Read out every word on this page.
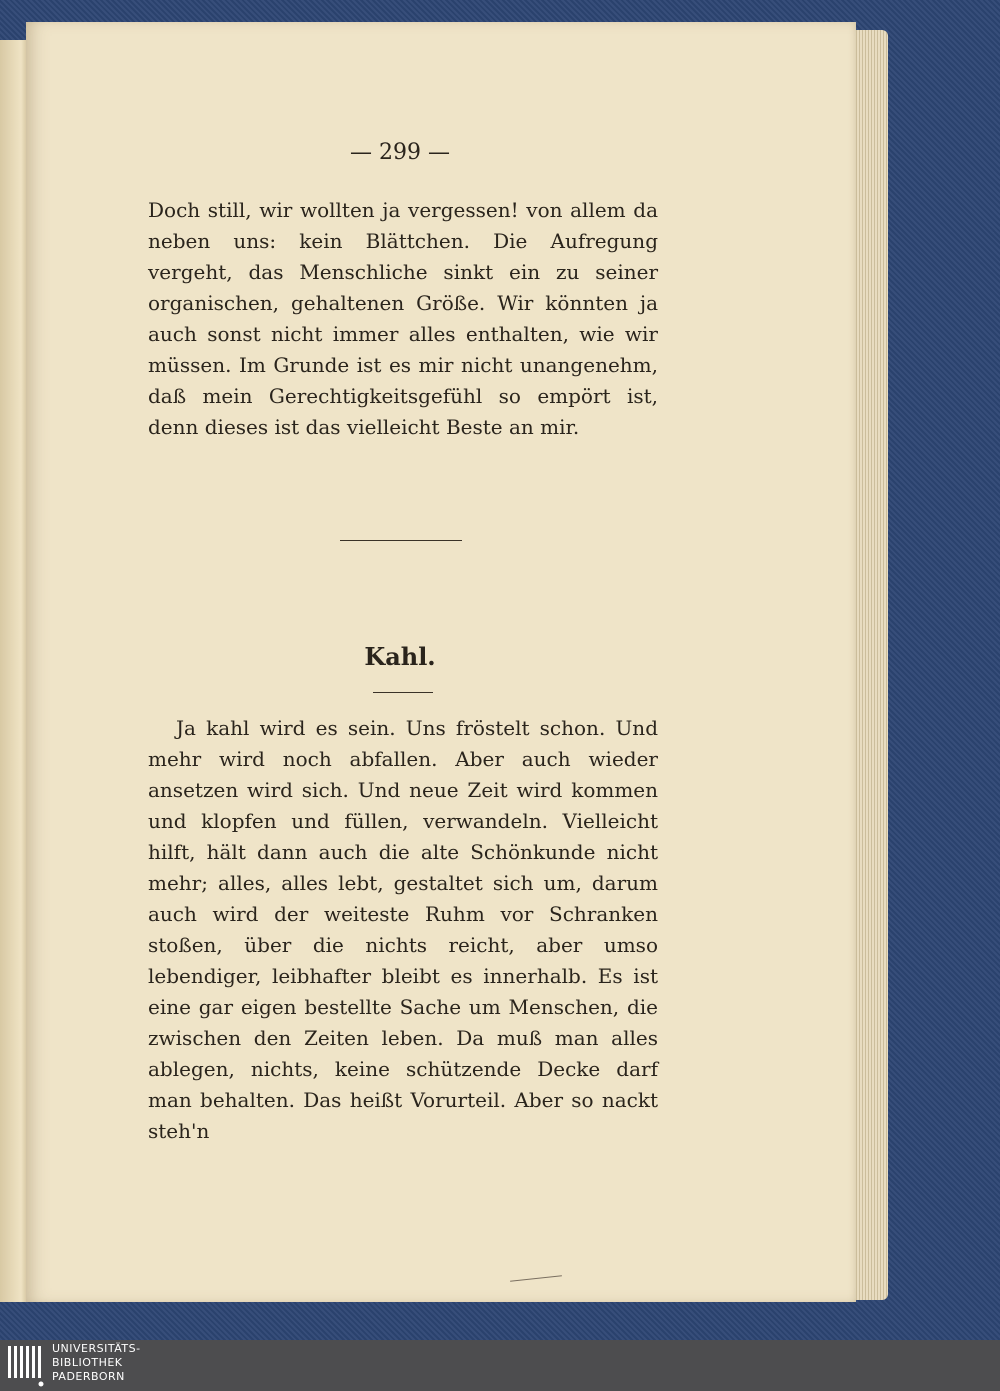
— 299 —

Doch still, wir wollten ja vergessen! von allem da neben uns: kein Blättchen. Die Aufregung vergeht, das Menschliche sinkt ein zu seiner organischen, gehaltenen Größe. Wir könnten ja auch sonst nicht immer alles enthalten, wie wir müssen. Im Grunde ist es mir nicht unangenehm, daß mein Gerechtigkeitsgefühl so empört ist, denn dieses ist das vielleicht Beste an mir.

Kahl.

Ja kahl wird es sein. Uns fröstelt schon. Und mehr wird noch abfallen. Aber auch wieder ansetzen wird sich. Und neue Zeit wird kommen und klopfen und füllen, verwandeln. Vielleicht hilft, hält dann auch die alte Schönkunde nicht mehr; alles, alles lebt, gestaltet sich um, darum auch wird der weiteste Ruhm vor Schranken stoßen, über die nichts reicht, aber umso lebendiger, leibhafter bleibt es innerhalb. Es ist eine gar eigen bestellte Sache um Menschen, die zwischen den Zeiten leben. Da muß man alles ablegen, nichts, keine schützende Decke darf man behalten. Das heißt Vorurteil. Aber so nackt steh'n

UNIVERSITÄTS-
BIBLIOTHEK
PADERBORN
